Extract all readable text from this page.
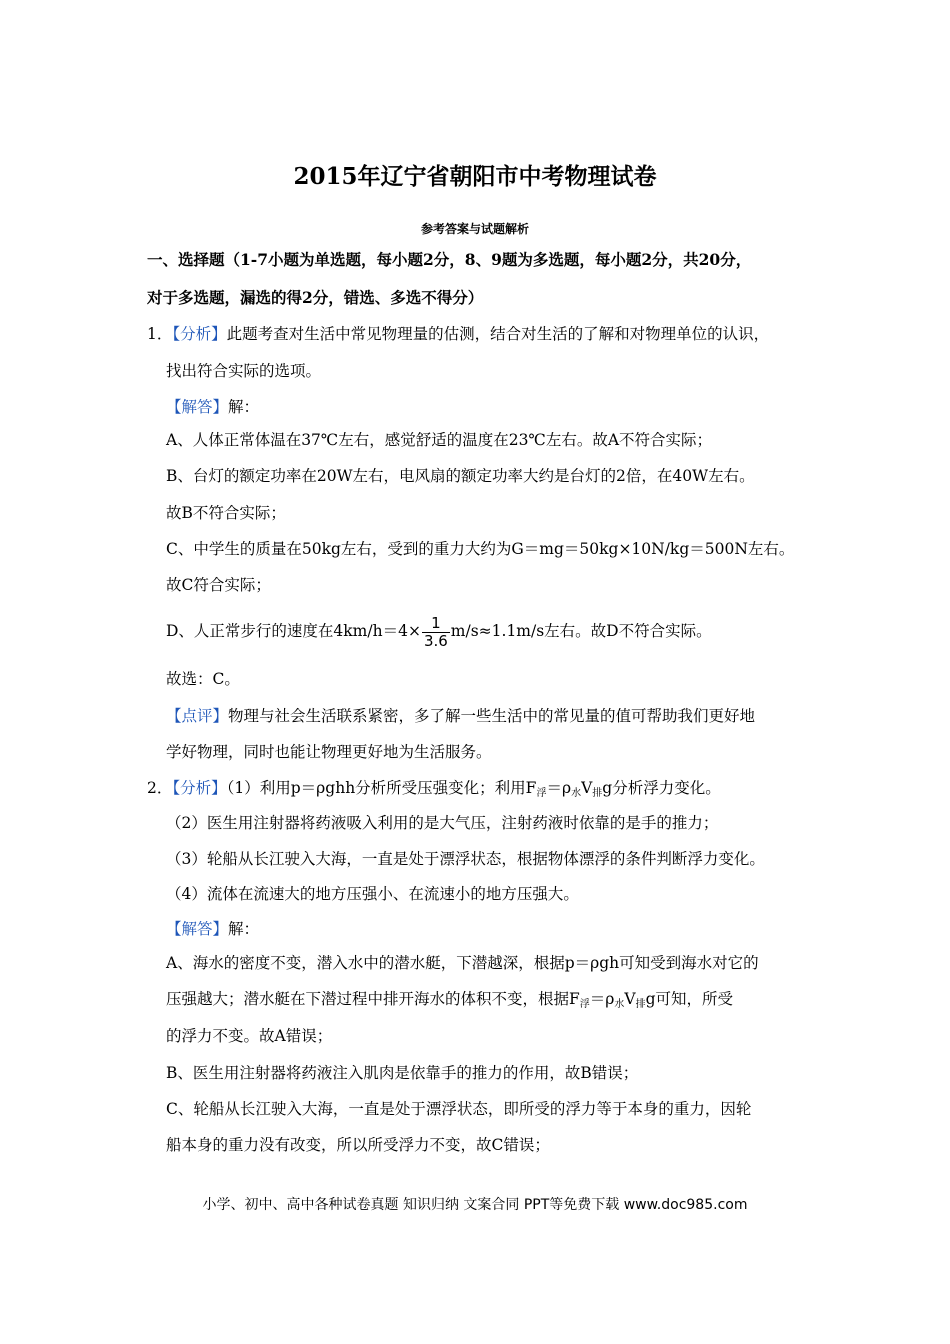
2015年辽宁省朝阳市中考物理试卷
参考答案与试题解析
一、选择题（1-7小题为单选题，每小题2分，8、9题为多选题，每小题2分，共20分，
对于多选题，漏选的得2分，错选、多选不得分）
1．【分析】此题考查对生活中常见物理量的估测，结合对生活的了解和对物理单位的认识，
找出符合实际的选项。
【解答】解：
A、人体正常体温在37℃左右，感觉舒适的温度在23℃左右。故A不符合实际；
B、台灯的额定功率在20W左右，电风扇的额定功率大约是台灯的2倍，在40W左右。
故B不符合实际；
C、中学生的质量在50kg左右，受到的重力大约为G＝mg＝50kg×10N/kg＝500N左右。
故C符合实际；
D、人正常步行的速度在$4km/h=4\times \frac{1}{3.6} m/s\approx 1.1m/s$左右。故D不符合实际。
故选：C。
【点评】物理与社会生活联系紧密，多了解一些生活中的常见量的值可帮助我们更好地
学好物理，同时也能让物理更好地为生活服务。
2．【分析】（1）利用p＝ρghh分析所受压强变化；利用F浮＝ρ水V排g分析浮力变化。
（2）医生用注射器将药液吸入利用的是大气压，注射药液时依靠的是手的推力；
（3）轮船从长江驶入大海，一直是处于漂浮状态，根据物体漂浮的条件判断浮力变化。
（4）流体在流速大的地方压强小、在流速小的地方压强大。
【解答】解：
A、海水的密度不变，潜入水中的潜水艇，下潜越深，根据p＝ρgh可知受到海水对它的
压强越大；潜水艇在下潜过程中排开海水的体积不变，根据F浮＝ρ水V排g可知，所受
的浮力不变。故A错误；
B、医生用注射器将药液注入肌肉是依靠手的推力的作用，故B错误；
C、轮船从长江驶入大海，一直是处于漂浮状态，即所受的浮力等于本身的重力，因轮
船本身的重力没有改变，所以所受浮力不变，故C错误；
小学、初中、高中各种试卷真题 知识归纳 文案合同 PPT等免费下载 www.doc985.com
